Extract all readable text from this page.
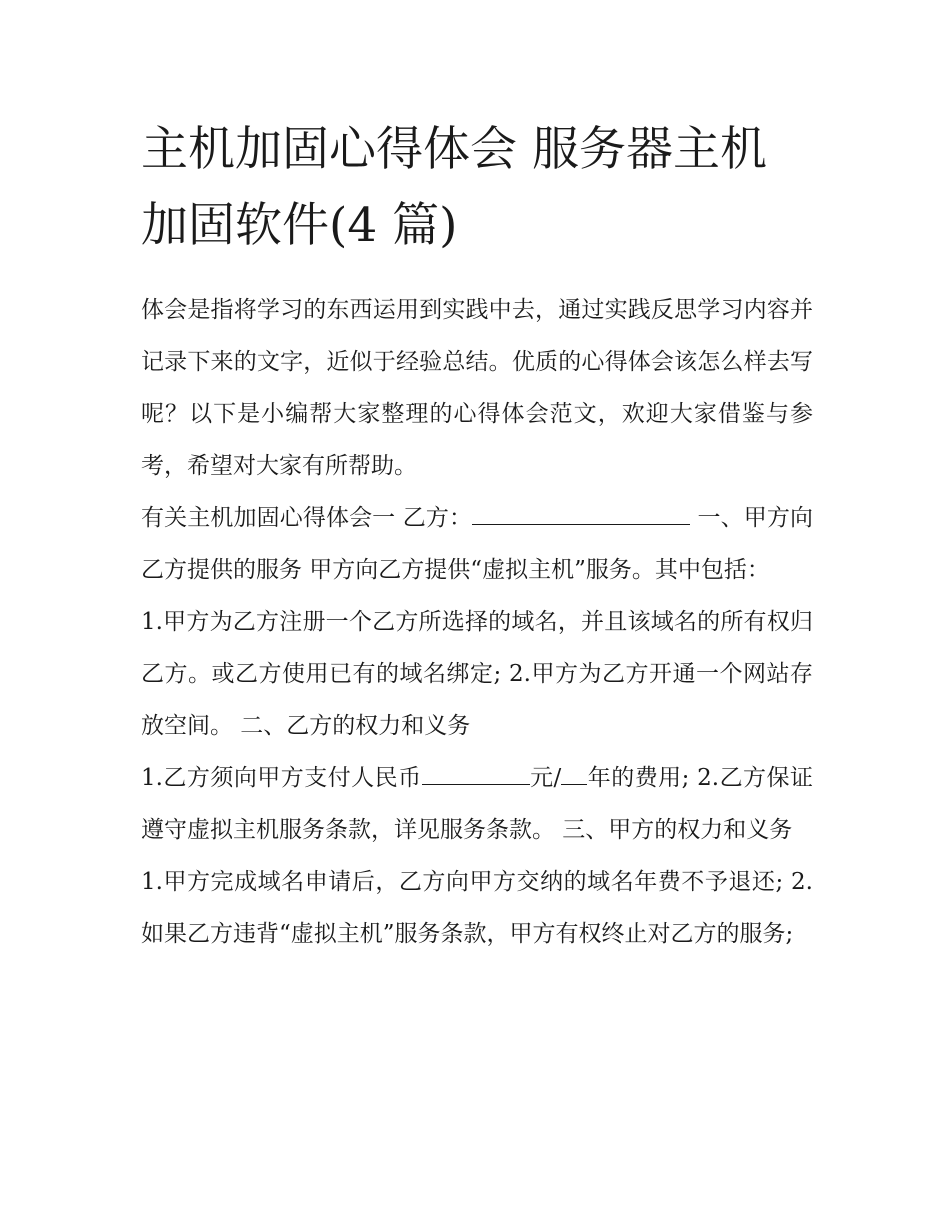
主机加固心得体会 服务器主机加固软件(4 篇)

体会是指将学习的东西运用到实践中去，通过实践反思学习内容并记录下来的文字，近似于经验总结。优质的心得体会该怎么样去写呢？以下是小编帮大家整理的心得体会范文，欢迎大家借鉴与参考，希望对大家有所帮助。

有关主机加固心得体会一 乙方：	一、甲方向乙方提供的服务 甲方向乙方提供“虚拟主机”服务。其中包括：

1.甲方为乙方注册一个乙方所选择的域名，并且该域名的所有权归乙方。或乙方使用已有的域名绑定; 2.甲方为乙方开通一个网站存放空间。 二、乙方的权力和义务

1.乙方须向甲方支付人民币	元/ 年的费用; 2.乙方保证遵守虚拟主机服务条款，详见服务条款。 三、甲方的权力和义务

1.甲方完成域名申请后，乙方向甲方交纳的域名年费不予退还; 2.如果乙方违背“虚拟主机”服务条款，甲方有权终止对乙方的服务;
